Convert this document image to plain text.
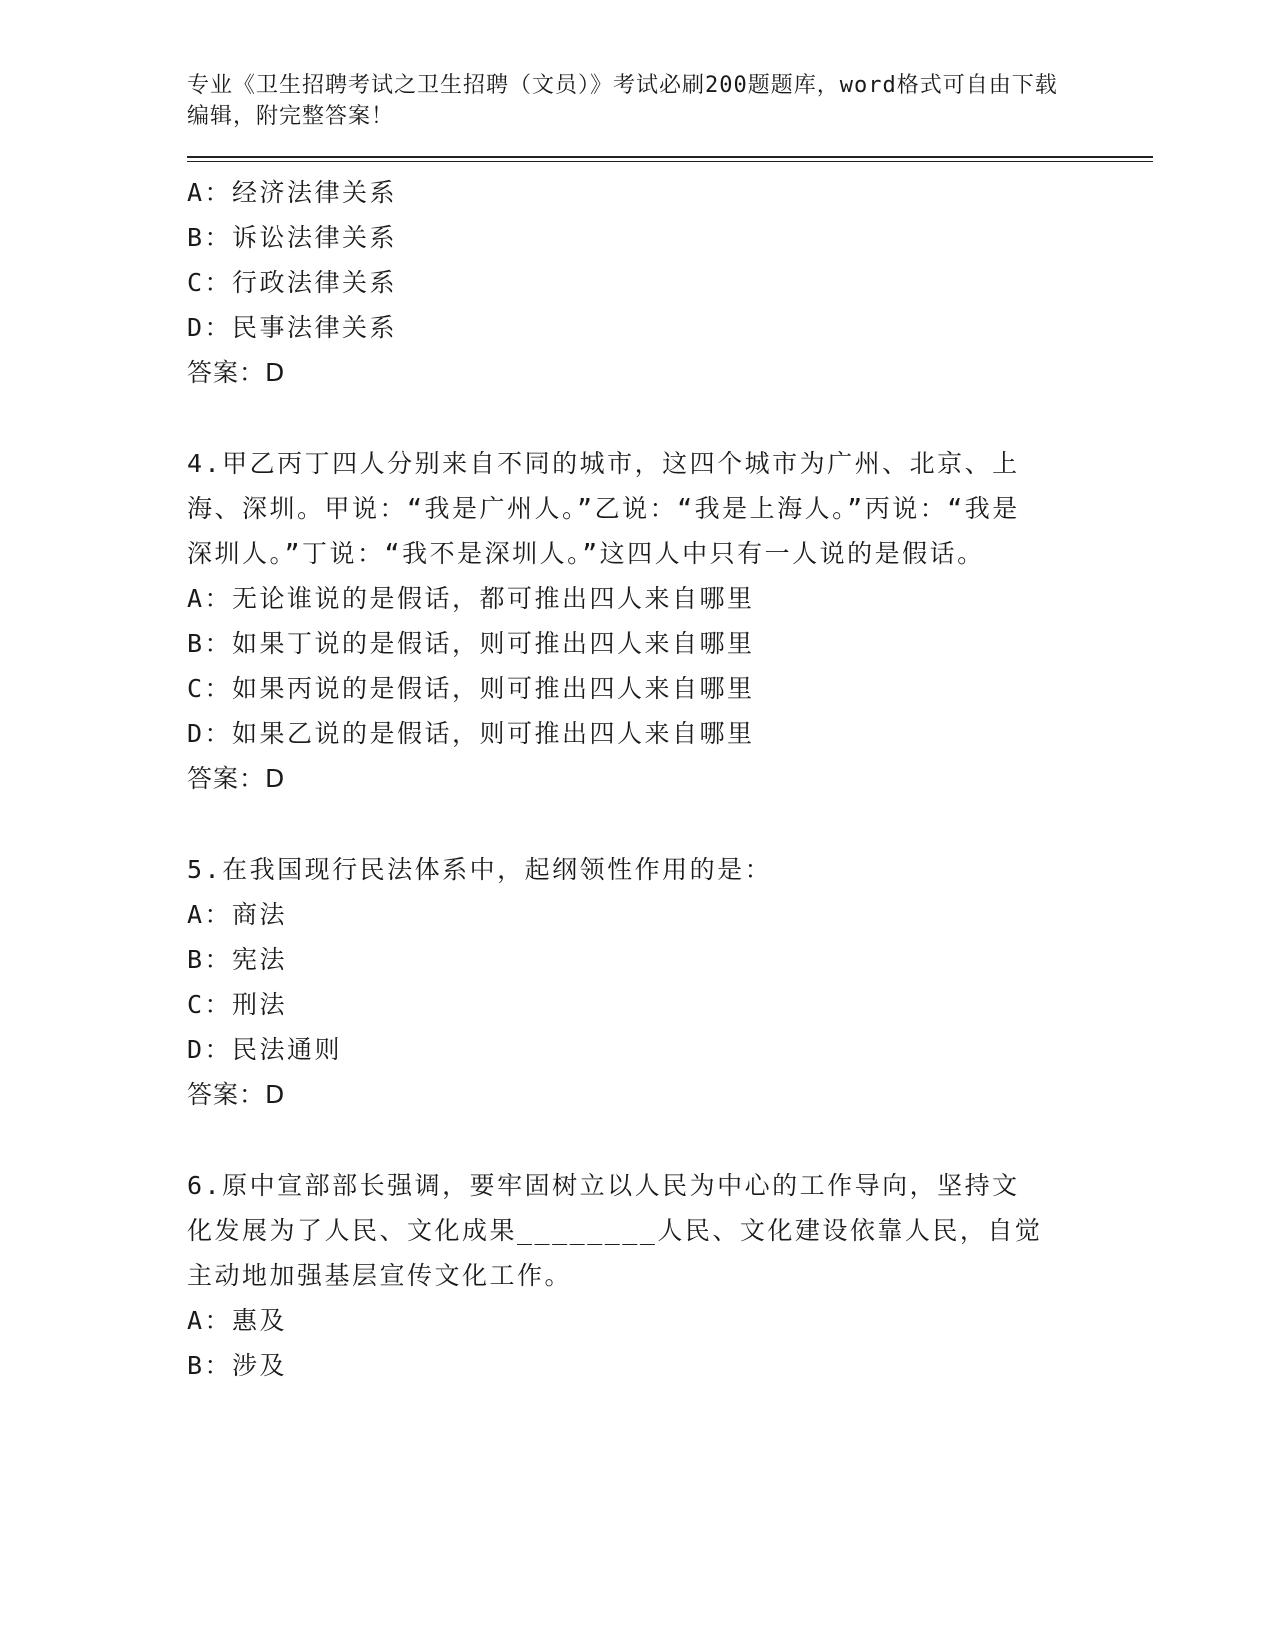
专业《卫生招聘考试之卫生招聘（文员）》考试必刷200题题库，word格式可自由下载编辑，附完整答案！
A：经济法律关系
B：诉讼法律关系
C：行政法律关系
D：民事法律关系
答案：D
4.甲乙丙丁四人分别来自不同的城市，这四个城市为广州、北京、上海、深圳。甲说：“我是广州人。”乙说：“我是上海人。”丙说：“我是深圳人。”丁说：“我不是深圳人。”这四人中只有一人说的是假话。
A：无论谁说的是假话，都可推出四人来自哪里
B：如果丁说的是假话，则可推出四人来自哪里
C：如果丙说的是假话，则可推出四人来自哪里
D：如果乙说的是假话，则可推出四人来自哪里
答案：D
5.在我国现行民法体系中，起纲领性作用的是：
A：商法
B：宪法
C：刑法
D：民法通则
答案：D
6.原中宣部部长强调，要牢固树立以人民为中心的工作导向，坚持文化发展为了人民、文化成果________人民、文化建设依靠人民，自觉主动地加强基层宣传文化工作。
A：惠及
B：涉及
